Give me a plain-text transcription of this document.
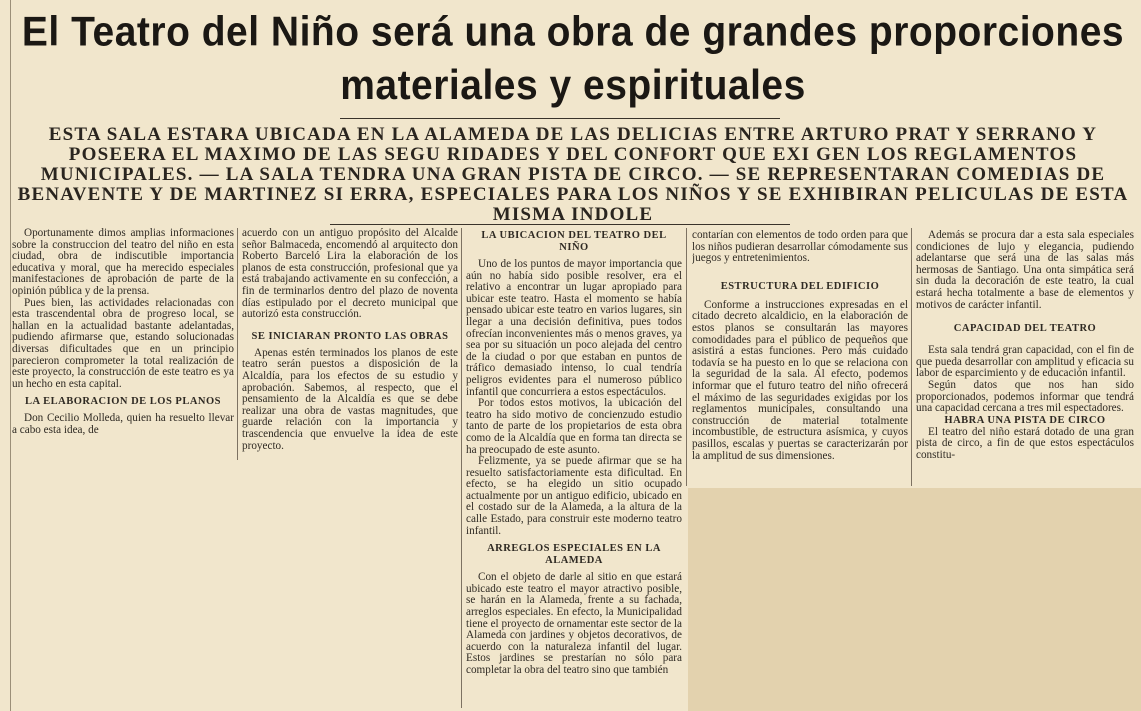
El Teatro del Niño será una obra de grandes proporciones materiales y espirituales
ESTA SALA ESTARA UBICADA EN LA ALAMEDA DE LAS DELICIAS ENTRE ARTURO PRAT Y SERRANO Y POSEERA EL MAXIMO DE LAS SEGU RIDADES Y DEL CONFORT QUE EXI GEN LOS REGLAMENTOS MUNICIPALES. — LA SALA TENDRA UNA GRAN PISTA DE CIRCO. — SE REPRESENTARAN COMEDIAS DE BENAVENTE Y DE MARTINEZ SI ERRA, ESPECIALES PARA LOS NIÑOS Y SE EXHIBIRAN PELICULAS DE ESTA MISMA INDOLE

Oportunamente dimos amplias informaciones sobre la construccion del teatro del niño en esta ciudad, obra de indiscutible importancia educativa y moral, que ha merecido especiales manifestaciones de aprobación de parte de la opinión pública y de la prensa.

Pues bien, las actividades relacionadas con esta trascendental obra de progreso local, se hallan en la actualidad bastante adelantadas, pudiendo afirmarse que, estando solucionadas diversas dificultades que en un principio parecieron comprometer la total realización de este proyecto, la construcción de este teatro es ya un hecho en esta capital.

LA ELABORACION DE LOS PLANOS

Don Cecilio Molleda, quien ha resuelto llevar a cabo esta idea, de

acuerdo con un antiguo propósito del Alcalde señor Balmaceda, encomendó al arquitecto don Roberto Barceló Lira la elaboración de los planos de esta construcción, profesional que ya está trabajando activamente en su confección, a fin de terminarlos dentro del plazo de noventa días estipulado por el decreto municipal que autorizó esta construcción.

SE INICIARAN PRONTO LAS OBRAS

Apenas estén terminados los planos de este teatro serán puestos a disposición de la Alcaldía, para los efectos de su estudio y aprobación. Sabemos, al respecto, que el pensamiento de la Alcaldía es que se debe realizar una obra de vastas magnitudes, que guarde relación con la importancia y trascendencia que envuelve la idea de este proyecto.

LA UBICACION DEL TEATRO DEL NIÑO

Uno de los puntos de mayor importancia que aún no había sido posible resolver, era el relativo a encontrar un lugar apropiado para ubicar este teatro. Hasta el momento se había pensado ubicar este teatro en varios lugares, sin llegar a una decisión definitiva, pues todos ofrecían inconvenientes más o menos graves, ya sea por su situación un poco alejada del centro de la ciudad o por que estaban en puntos de tráfico demasiado intenso, lo cual tendría peligros evidentes para el numeroso público infantil que concurriera a estos espectáculos.

Por todos estos motivos, la ubicación del teatro ha sido motivo de concienzudo estudio tanto de parte de los propietarios de esta obra como de la Alcaldía que en forma tan directa se ha preocupado de este asunto.

Felizmente, ya se puede afirmar que se ha resuelto satisfactoriamente esta dificultad. En efecto, se ha elegido un sitio ocupado actualmente por un antiguo edificio, ubicado en el costado sur de la Alameda, a la altura de la calle Estado, para construir este moderno teatro infantil.

ARREGLOS ESPECIALES EN LA ALAMEDA

Con el objeto de darle al sitio en que estará ubicado este teatro el mayor atractivo posible, se harán en la Alameda, frente a su fachada, arreglos especiales. En efecto, la Municipalidad tiene el proyecto de ornamentar este sector de la Alameda con jardines y objetos decorativos, de acuerdo con la naturaleza infantil del lugar. Estos jardines se prestarían no sólo para completar la obra del teatro sino que también

contarían con elementos de todo orden para que los niños pudieran desarrollar cómodamente sus juegos y entretenimientos.

ESTRUCTURA DEL EDIFICIO

Conforme a instrucciones expresadas en el citado decreto alcaldicio, en la elaboración de estos planos se consultarán las mayores comodidades para el público de pequeños que asistirá a estas funciones. Pero más cuidado todavía se ha puesto en lo que se relaciona con la seguridad de la sala. Al efecto, podemos informar que el futuro teatro del niño ofrecerá el máximo de las seguridades exigidas por los reglamentos municipales, consultando una construcción de material totalmente incombustible, de estructura asísmica, y cuyos pasillos, escalas y puertas se caracterizarán por la amplitud de sus dimensiones.

Además se procura dar a esta sala especiales condiciones de lujo y elegancia, pudiendo adelantarse que será una de las salas más hermosas de Santiago. Una onta simpática será sin duda la decoración de este teatro, la cual estará hecha totalmente a base de elementos y motivos de carácter infantil.

CAPACIDAD DEL TEATRO

Esta sala tendrá gran capacidad, con el fin de que pueda desarrollar con amplitud y eficacia su labor de esparcimiento y de educación infantil.

Según datos que nos han sido proporcionados, podemos informar que tendrá una capacidad cercana a tres mil espectadores.

HABRA UNA PISTA DE CIRCO

El teatro del niño estará dotado de una gran pista de circo, a fin de que estos espectáculos constitu-
